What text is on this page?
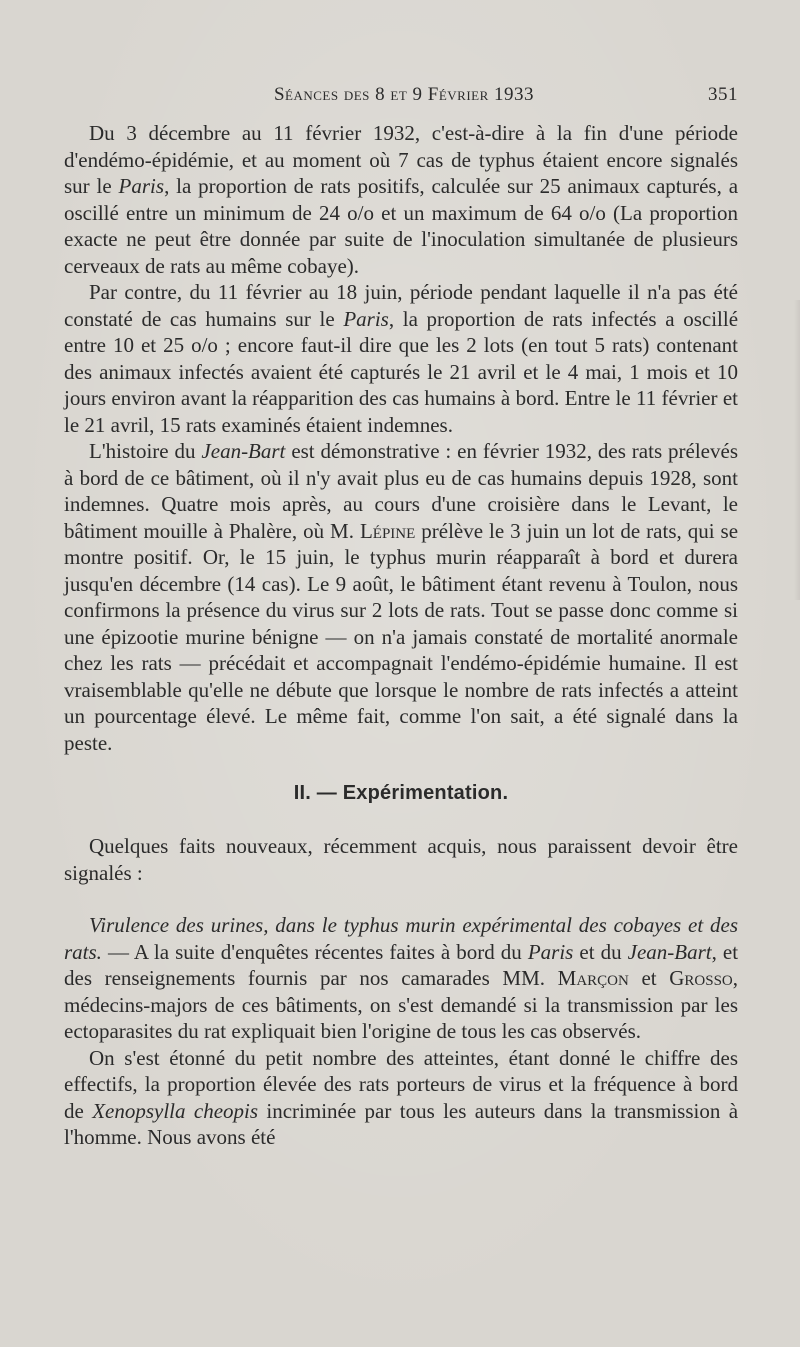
Séances des 8 et 9 Février 1933	351

Du 3 décembre au 11 février 1932, c'est-à-dire à la fin d'une période d'endémo-épidémie, et au moment où 7 cas de typhus étaient encore signalés sur le Paris, la proportion de rats positifs, calculée sur 25 animaux capturés, a oscillé entre un minimum de 24 o/o et un maximum de 64 o/o (La proportion exacte ne peut être donnée par suite de l'inoculation simultanée de plusieurs cerveaux de rats au même cobaye).

Par contre, du 11 février au 18 juin, période pendant laquelle il n'a pas été constaté de cas humains sur le Paris, la proportion de rats infectés a oscillé entre 10 et 25 o/o ; encore faut-il dire que les 2 lots (en tout 5 rats) contenant des animaux infectés avaient été capturés le 21 avril et le 4 mai, 1 mois et 10 jours environ avant la réapparition des cas humains à bord. Entre le 11 février et le 21 avril, 15 rats examinés étaient indemnes.

L'histoire du Jean-Bart est démonstrative : en février 1932, des rats prélevés à bord de ce bâtiment, où il n'y avait plus eu de cas humains depuis 1928, sont indemnes. Quatre mois après, au cours d'une croisière dans le Levant, le bâtiment mouille à Phalère, où M. Lépine prélève le 3 juin un lot de rats, qui se montre positif. Or, le 15 juin, le typhus murin réapparaît à bord et durera jusqu'en décembre (14 cas). Le 9 août, le bâtiment étant revenu à Toulon, nous confirmons la présence du virus sur 2 lots de rats. Tout se passe donc comme si une épizootie murine bénigne — on n'a jamais constaté de mortalité anormale chez les rats — précédait et accompagnait l'endémo-épidémie humaine. Il est vraisemblable qu'elle ne débute que lorsque le nombre de rats infectés a atteint un pourcentage élevé. Le même fait, comme l'on sait, a été signalé dans la peste.

II. — Expérimentation.

Quelques faits nouveaux, récemment acquis, nous paraissent devoir être signalés :

Virulence des urines, dans le typhus murin expérimental des cobayes et des rats. — A la suite d'enquêtes récentes faites à bord du Paris et du Jean-Bart, et des renseignements fournis par nos camarades MM. Marçon et Grosso, médecins-majors de ces bâtiments, on s'est demandé si la transmission par les ectoparasites du rat expliquait bien l'origine de tous les cas observés.

On s'est étonné du petit nombre des atteintes, étant donné le chiffre des effectifs, la proportion élevée des rats porteurs de virus et la fréquence à bord de Xenopsylla cheopis incriminée par tous les auteurs dans la transmission à l'homme. Nous avons été
